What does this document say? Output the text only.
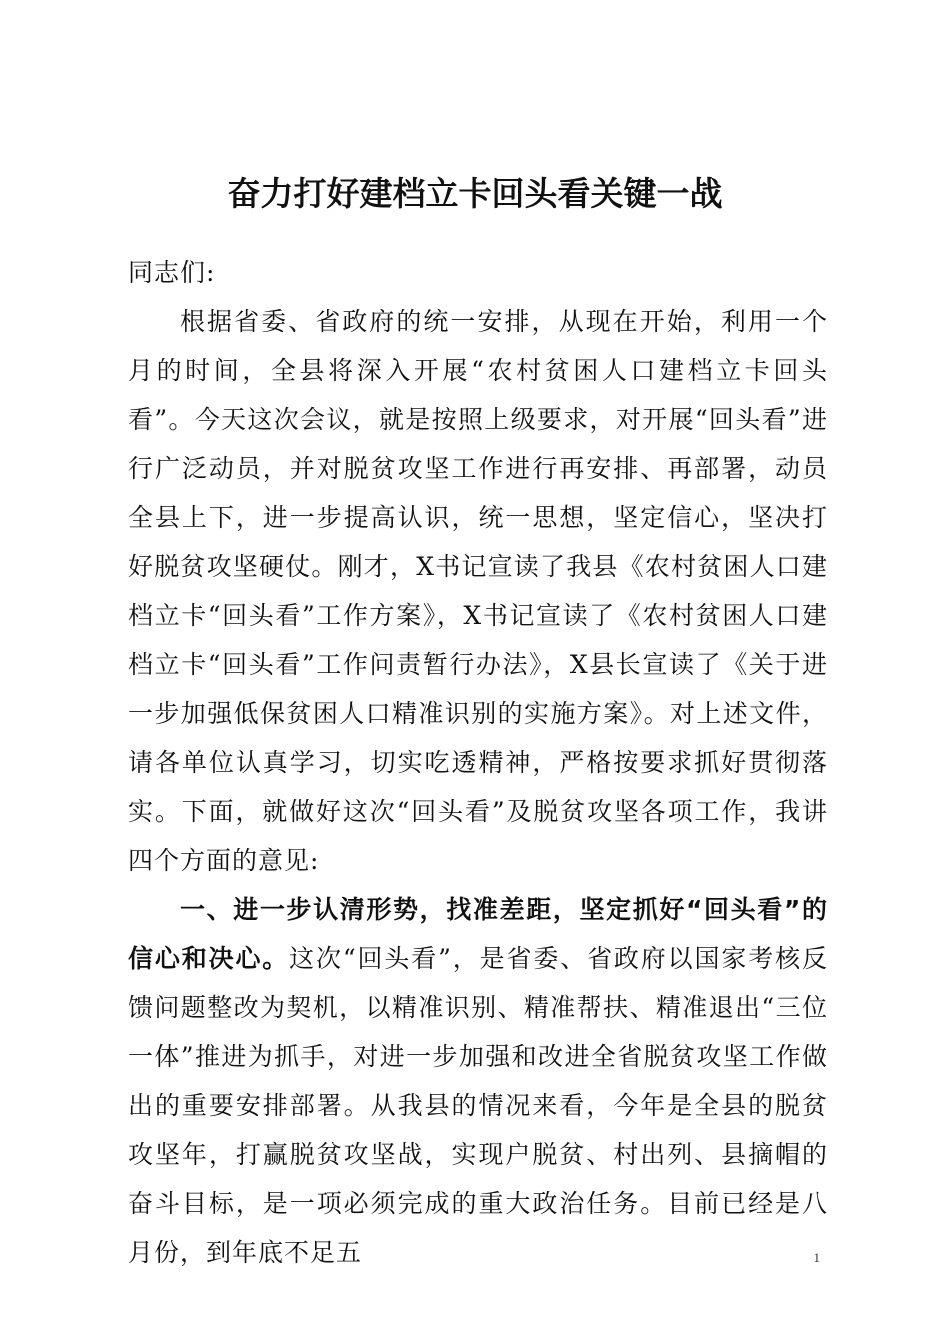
奋力打好建档立卡回头看关键一战

同志们:

根据省委、省政府的统一安排，从现在开始，利用一个月的时间，全县将深入开展“农村贫困人口建档立卡回头看”。今天这次会议，就是按照上级要求，对开展“回头看”进行广泛动员，并对脱贫攻坚工作进行再安排、再部署，动员全县上下，进一步提高认识，统一思想，坚定信心，坚决打好脱贫攻坚硬仗。刚才，X书记宣读了我县《农村贫困人口建档立卡“回头看”工作方案》，X书记宣读了《农村贫困人口建档立卡“回头看”工作问责暂行办法》，X县长宣读了《关于进一步加强低保贫困人口精准识别的实施方案》。对上述文件，请各单位认真学习，切实吃透精神，严格按要求抓好贯彻落实。下面，就做好这次“回头看”及脱贫攻坚各项工作，我讲四个方面的意见:

一、进一步认清形势，找准差距，坚定抓好“回头看”的信心和决心。这次“回头看”，是省委、省政府以国家考核反馈问题整改为契机，以精准识别、精准帮扶、精准退出“三位一体”推进为抓手，对进一步加强和改进全省脱贫攻坚工作做出的重要安排部署。从我县的情况来看，今年是全县的脱贫攻坚年，打赢脱贫攻坚战，实现户脱贫、村出列、县摘帽的奋斗目标，是一项必须完成的重大政治任务。目前已经是八月份，到年底不足五	1
